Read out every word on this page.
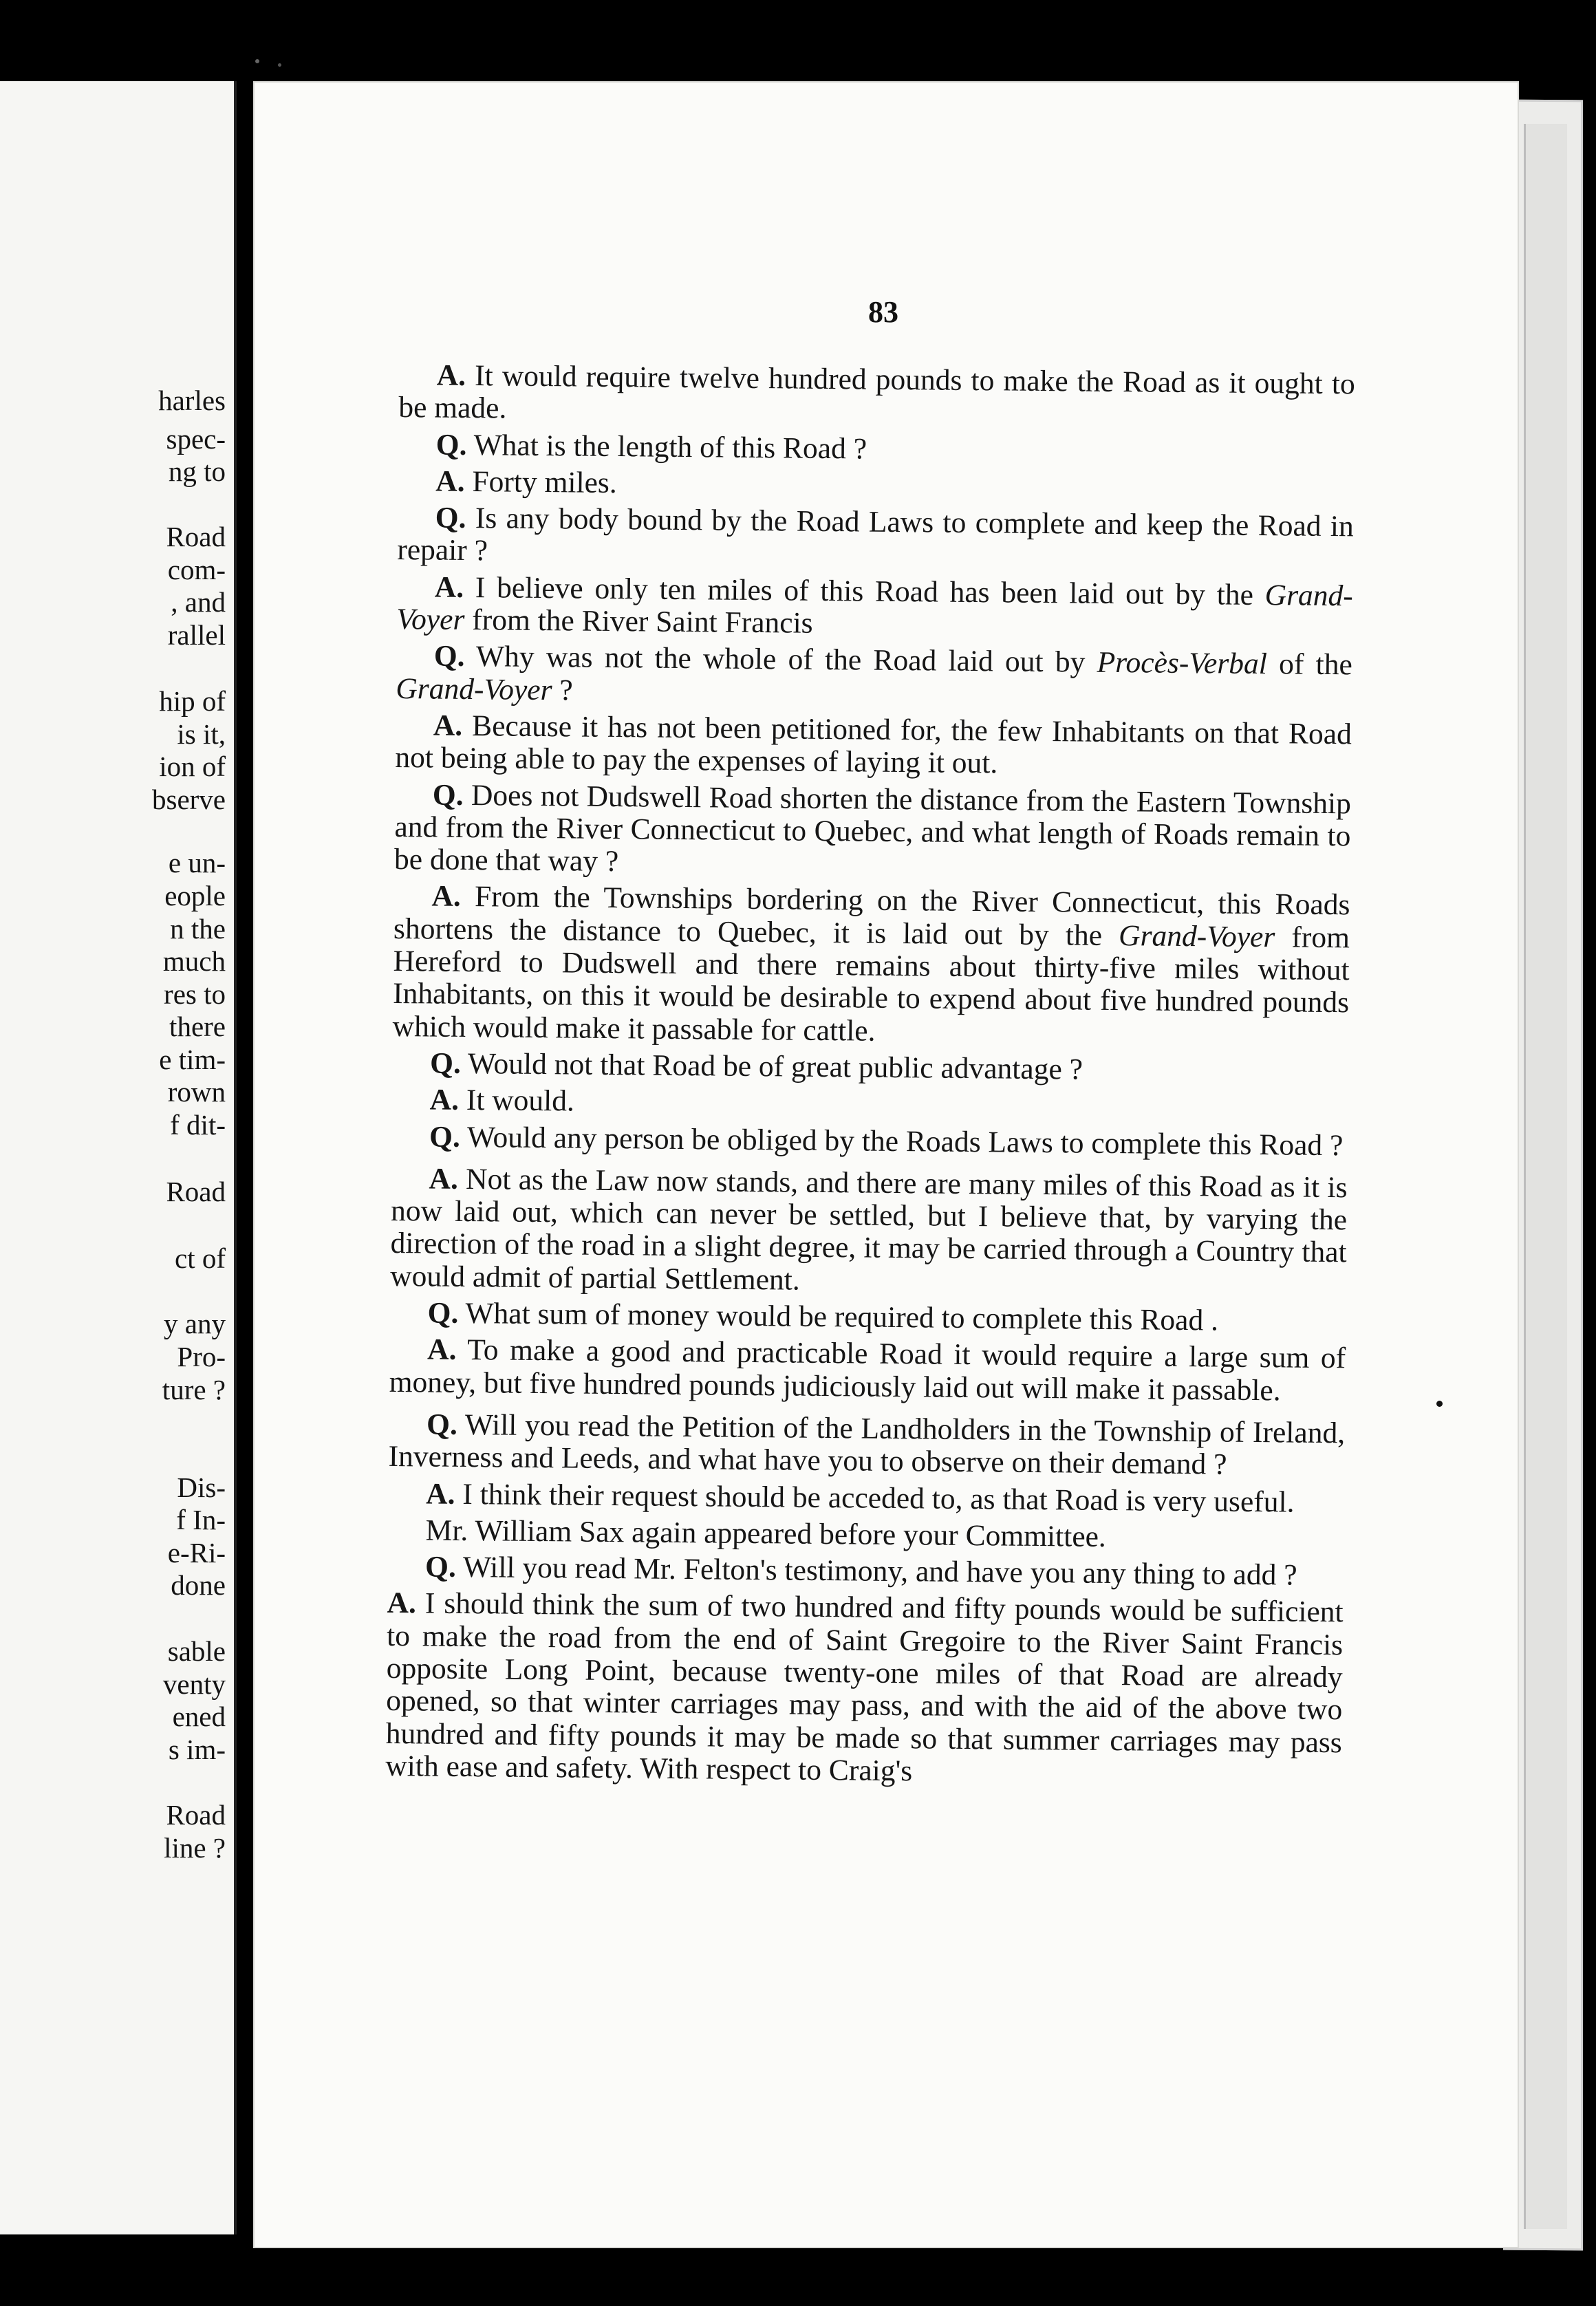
harles
spec-
ng to
Road
com-
, and
rallel
hip of
is it,
ion of
bserve
e un-
eople
n the
much
res to
there
e tim-
rown
f dit-
Road
ct of
y any
Pro-
ture ?
Dis-
f In-
e-Ri-
done
sable
venty
ened
s im-
Road
line ?
83

A. It would require twelve hundred pounds to make the Road as it ought to be made.

Q. What is the length of this Road ?

A. Forty miles.

Q. Is any body bound by the Road Laws to complete and keep the Road in repair ?

A. I believe only ten miles of this Road has been laid out by the Grand-Voyer from the River Saint Francis

Q. Why was not the whole of the Road laid out by Procès-Verbal of the Grand-Voyer ?

A. Because it has not been petitioned for, the few Inhabitants on that Road not being able to pay the expenses of laying it out.

Q. Does not Dudswell Road shorten the distance from the Eastern Township and from the River Connecticut to Quebec, and what length of Roads remain to be done that way ?

A. From the Townships bordering on the River Connecticut, this Roads shortens the distance to Quebec, it is laid out by the Grand-Voyer from Hereford to Dudswell and there remains about thirty-five miles without Inhabitants, on this it would be desirable to expend about five hundred pounds which would make it passable for cattle.

Q. Would not that Road be of great public advantage ?

A. It would.

Q. Would any person be obliged by the Roads Laws to complete this Road ?

A. Not as the Law now stands, and there are many miles of this Road as it is now laid out, which can never be settled, but I believe that, by varying the direction of the road in a slight degree, it may be carried through a Country that would admit of partial Settlement.

Q. What sum of money would be required to complete this Road .

A. To make a good and practicable Road it would require a large sum of money, but five hundred pounds judiciously laid out will make it passable.

Q. Will you read the Petition of the Landholders in the Township of Ireland, Inverness and Leeds, and what have you to observe on their demand ?

A. I think their request should be acceded to, as that Road is very useful.

Mr. William Sax again appeared before your Committee.

Q. Will you read Mr. Felton's testimony, and have you any thing to add ?

A. I should think the sum of two hundred and fifty pounds would be sufficient to make the road from the end of Saint Gregoire to the River Saint Francis opposite Long Point, because twenty-one miles of that Road are already opened, so that winter carriages may pass, and with the aid of the above two hundred and fifty pounds it may be made so that summer carriages may pass with ease and safety. With respect to Craig's
